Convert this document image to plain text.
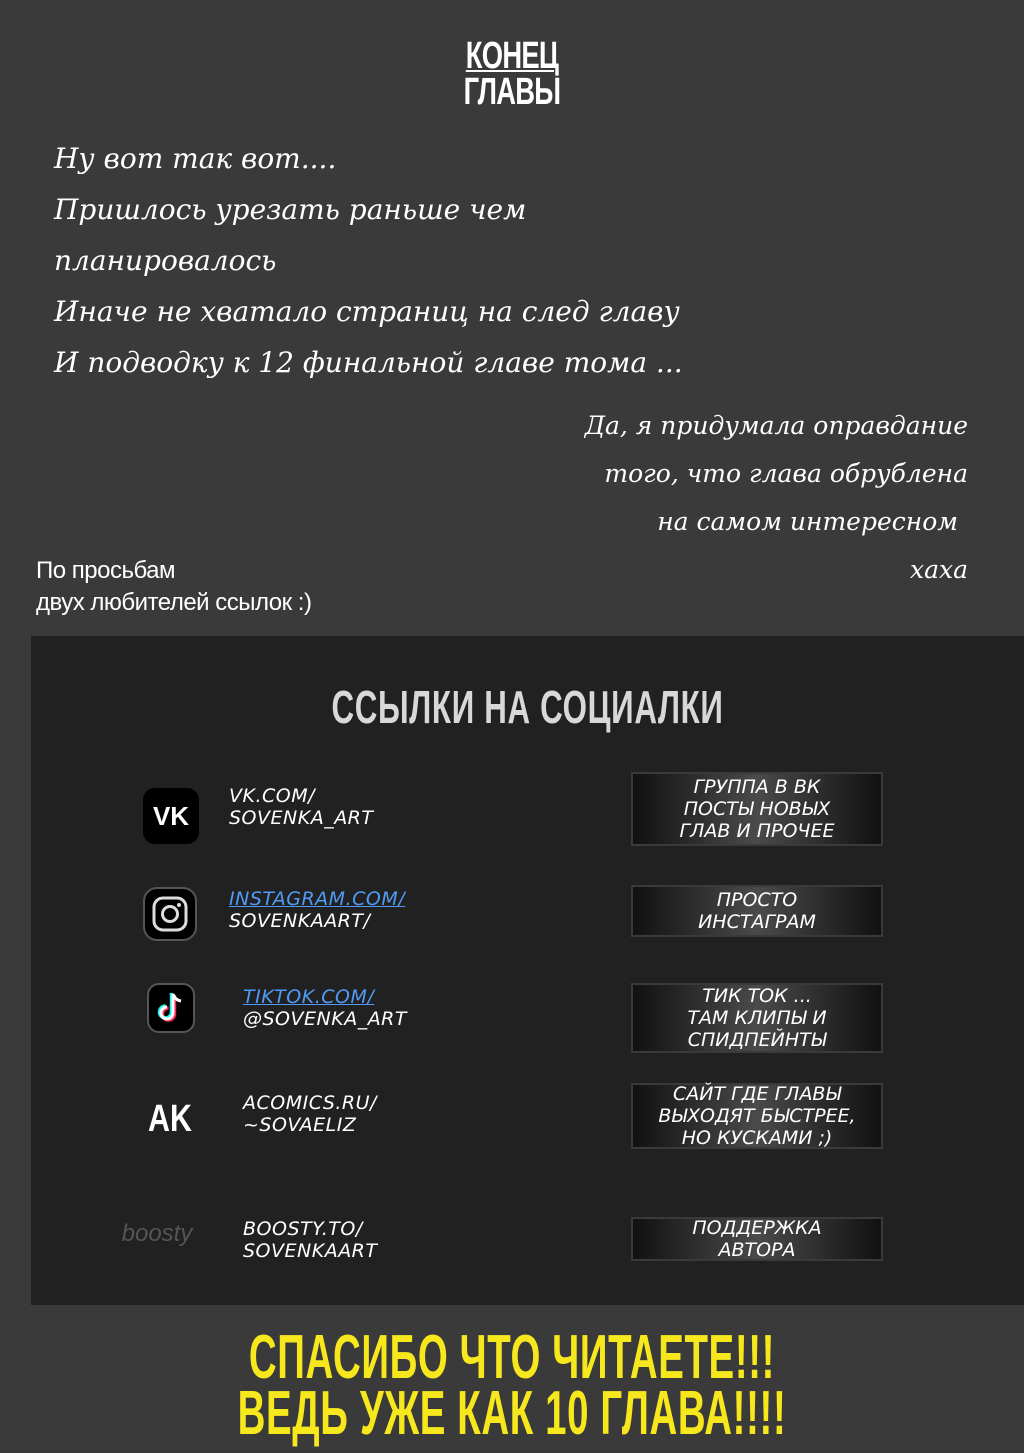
КОНЕЦ
ГЛАВЫ
Ну вот так вот....
Пришлось урезать раньше чем
планировалось
Иначе не хватало страниц на след главу
И подводку к 12 финальной главе тома ...
Да, я придумала оправдание
того, что глава обрублена
на самом интересном
хаха
По просьбам
двух любителей ссылок :)
ССЫЛКИ НА СОЦИАЛКИ
VK
VK.COM/
SOVENKA_ART
ГРУППА В ВК
ПОСТЫ НОВЫХ
ГЛАВ И ПРОЧЕЕ
INSTAGRAM.COM/
SOVENKAART/
ПРОСТО
ИНСТАГРАМ
TIKTOK.COM/
@SOVENKA_ART
ТИК ТОК ...
ТАМ КЛИПЫ И
СПИДПЕЙНТЫ
AK	ACOMICS.RU/
~SOVAELIZ
САЙТ ГДЕ ГЛАВЫ
ВЫХОДЯТ БЫСТРЕЕ,
НО КУСКАМИ ;)
boosty	BOOSTY.TO/
SOVENKAART
ПОДДЕРЖКА
АВТОРА
СПАСИБО ЧТО ЧИТАЕТЕ!!!
ВЕДЬ УЖЕ КАК 10 ГЛАВА!!!!
